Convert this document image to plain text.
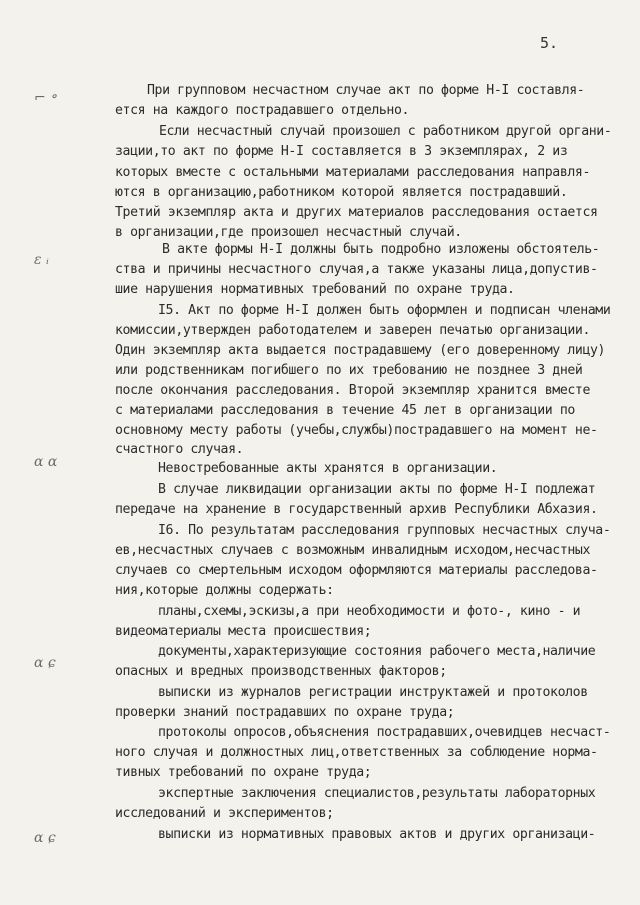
5.
⌐ ॰
ɛ ᵢ
ɑ ɑ
ɑ ɕ
ɑ ɕ
При групповом несчастном случае акт по форме Н-I составля-
ется на каждого пострадавшего отдельно.
Если несчастный случай произошел с работником другой органи-
зации,то акт по форме Н-I составляется в 3 экземплярах, 2 из
которых вместе с остальными материалами расследования направля-
ются в организацию,работником которой является пострадавший.
Третий экземпляр акта и других материалов расследования остается
в организации,где произошел несчастный случай.
В акте формы Н-I должны быть подробно изложены обстоятель-
ства и причины несчастного случая,а также указаны лица,допустив-
шие нарушения нормативных требований по охране труда.
I5. Акт по форме Н-I должен быть оформлен и подписан членами
комиссии,утвержден работодателем и заверен печатью организации.
Один экземпляр акта выдается пострадавшему (его доверенному лицу)
или родственникам погибшего по их требованию не позднее 3 дней
после окончания расследования. Второй экземпляр хранится вместе
с материалами расследования в течение 45 лет в организации по
основному месту работы (учебы,службы)пострадавшего на момент не-
счастного случая.
Невостребованные акты хранятся в организации.
В случае ликвидации организации акты по форме Н-I подлежат
передаче на хранение в государственный архив Республики Абхазия.
I6. По результатам расследования групповых несчастных случа-
ев,несчастных случаев с возможным инвалидным исходом,несчастных
случаев со смертельным исходом оформляются материалы расследова-
ния,которые должны содержать:
планы,схемы,эскизы,а при необходимости и фото-, кино - и
видеоматериалы места происшествия;
документы,характеризующие состояния рабочего места,наличие
опасных и вредных производственных факторов;
выписки из журналов регистрации инструктажей и протоколов
проверки знаний пострадавших по охране труда;
протоколы опросов,объяснения пострадавших,очевидцев несчаст-
ного случая и должностных лиц,ответственных за соблюдение норма-
тивных требований по охране труда;
экспертные заключения специалистов,результаты лабораторных
исследований и экспериментов;
выписки из нормативных правовых актов и других организаци-
